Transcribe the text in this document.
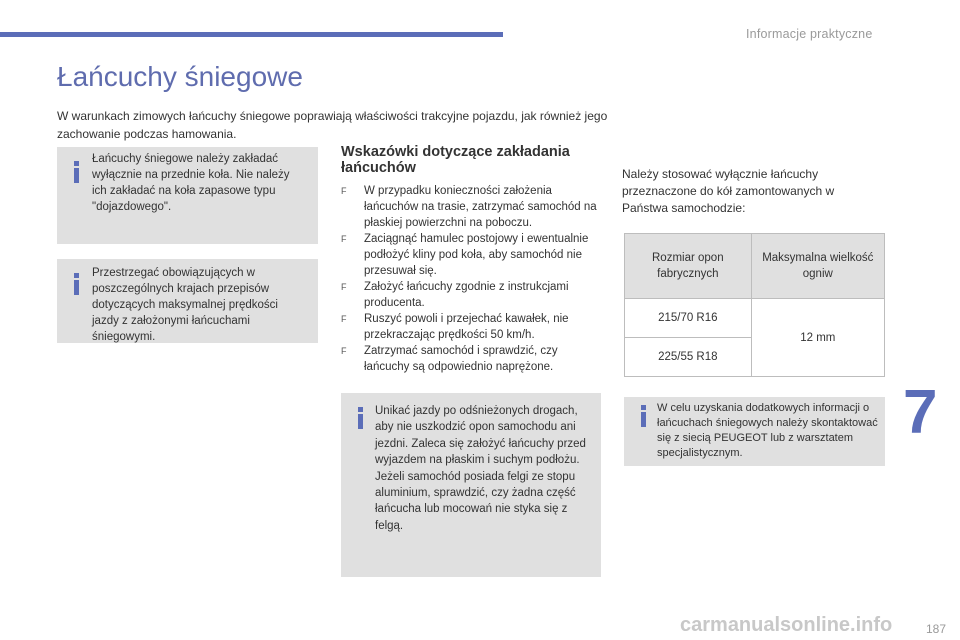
Informacje praktyczne
7
Łańcuchy śniegowe

W warunkach zimowych łańcuchy śniegowe poprawiają właściwości trakcyjne pojazdu, jak również jego zachowanie podczas hamowania.

Łańcuchy śniegowe należy zakładać wyłącznie na przednie koła. Nie należy ich zakładać na koła zapasowe typu "dojazdowego".

Przestrzegać obowiązujących w poszczególnych krajach przepisów dotyczących maksymalnej prędkości jazdy z założonymi łańcuchami śniegowymi.

Wskazówki dotyczące zakładania łańcuchów
F W przypadku konieczności założenia łańcuchów na trasie, zatrzymać samochód na płaskiej powierzchni na poboczu.
F Zaciągnąć hamulec postojowy i ewentualnie podłożyć kliny pod koła, aby samochód nie przesuwał się.
F Założyć łańcuchy zgodnie z instrukcjami producenta.
F Ruszyć powoli i przejechać kawałek, nie przekraczając prędkości 50 km/h.
F Zatrzymać samochód i sprawdzić, czy łańcuchy są odpowiednio naprężone.

Unikać jazdy po odśnieżonych drogach, aby nie uszkodzić opon samochodu ani jezdni. Zaleca się założyć łańcuchy przed wyjazdem na płaskim i suchym podłożu. Jeżeli samochód posiada felgi ze stopu aluminium, sprawdzić, czy żadna część łańcucha lub mocowań nie styka się z felgą.

Należy stosować wyłącznie łańcuchy przeznaczone do kół zamontowanych w Państwa samochodzie:

Rozmiar opon fabrycznych	Maksymalna wielkość ogniw
215/70 R16	12 mm
225/55 R18	

W celu uzyskania dodatkowych informacji o łańcuchach śniegowych należy skontaktować się z siecią PEUGEOT lub z warsztatem specjalistycznym.

carmanualsonline.info	187
